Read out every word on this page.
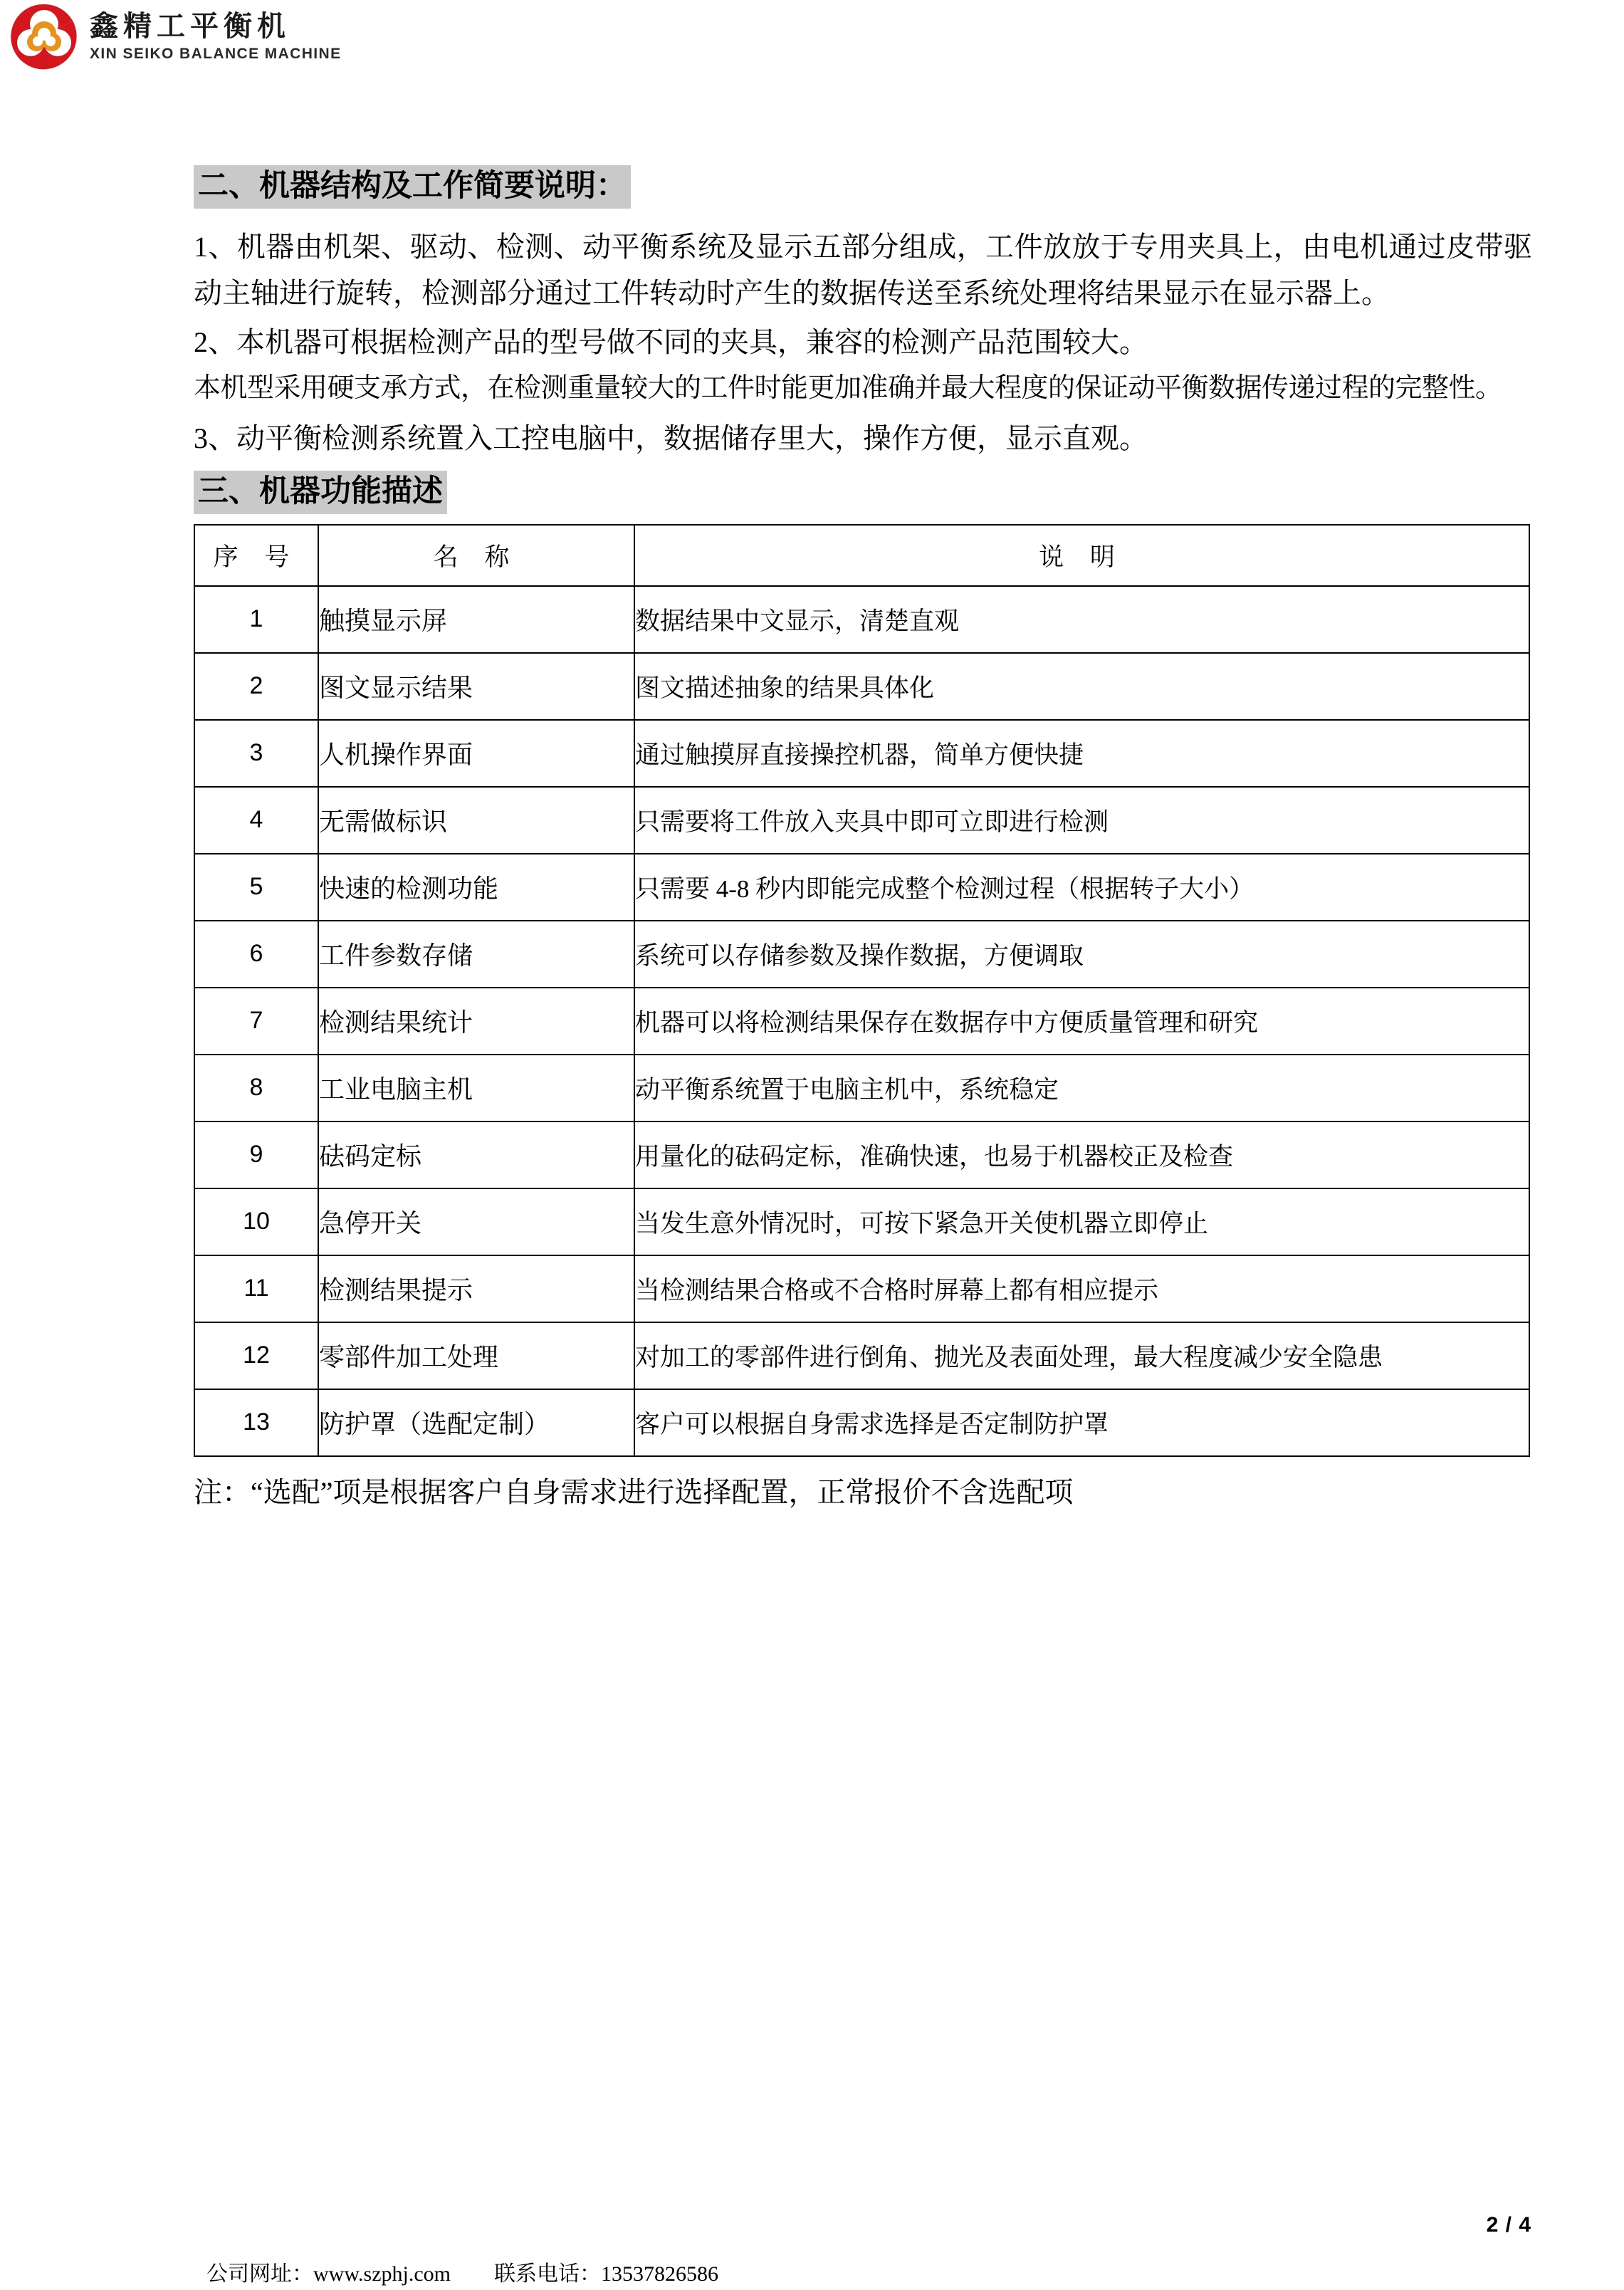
鑫精工平衡机
XIN SEIKO BALANCE MACHINE
二、机器结构及工作简要说明：

1、机器由机架、驱动、检测、动平衡系统及显示五部分组成，工件放放于专用夹具上，由电机通过皮带驱动主轴进行旋转，检测部分通过工件转动时产生的数据传送至系统处理将结果显示在显示器上。

2、本机器可根据检测产品的型号做不同的夹具，兼容的检测产品范围较大。

本机型采用硬支承方式，在检测重量较大的工件时能更加准确并最大程度的保证动平衡数据传递过程的完整性。

3、动平衡检测系统置入工控电脑中，数据储存里大，操作方便，显示直观。

三、机器功能描述
序 号	名 称	说 明
1	触摸显示屏	数据结果中文显示，清楚直观
2	图文显示结果	图文描述抽象的结果具体化
3	人机操作界面	通过触摸屏直接操控机器，简单方便快捷
4	无需做标识	只需要将工件放入夹具中即可立即进行检测
5	快速的检测功能	只需要 4-8 秒内即能完成整个检测过程（根据转子大小）
6	工件参数存储	系统可以存储参数及操作数据，方便调取
7	检测结果统计	机器可以将检测结果保存在数据存中方便质量管理和研究
8	工业电脑主机	动平衡系统置于电脑主机中，系统稳定
9	砝码定标	用量化的砝码定标，准确快速，也易于机器校正及检查
10	急停开关	当发生意外情况时，可按下紧急开关使机器立即停止
11	检测结果提示	当检测结果合格或不合格时屏幕上都有相应提示
12	零部件加工处理	对加工的零部件进行倒角、抛光及表面处理，最大程度减少安全隐患
13	防护罩（选配定制）	客户可以根据自身需求选择是否定制防护罩
注：“选配”项是根据客户自身需求进行选择配置，正常报价不含选配项
2 / 4
公司网址：www.szphj.com 联系电话：13537826586
